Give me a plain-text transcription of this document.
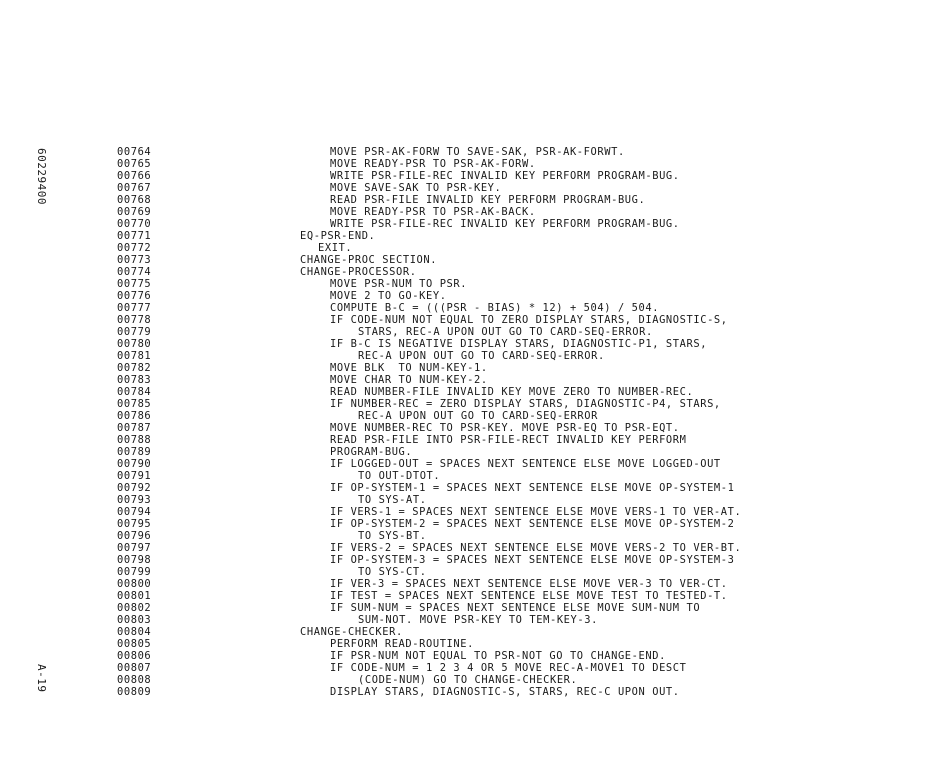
60229400
A-19
00764	MOVE PSR-AK-FORW TO SAVE-SAK, PSR-AK-FORWT.
00765	MOVE READY-PSR TO PSR-AK-FORW.
00766	WRITE PSR-FILE-REC INVALID KEY PERFORM PROGRAM-BUG.
00767	MOVE SAVE-SAK TO PSR-KEY.
00768	READ PSR-FILE INVALID KEY PERFORM PROGRAM-BUG.
00769	MOVE READY-PSR TO PSR-AK-BACK.
00770	WRITE PSR-FILE-REC INVALID KEY PERFORM PROGRAM-BUG.
00771	EQ-PSR-END.
00772	EXIT.
00773	CHANGE-PROC SECTION.
00774	CHANGE-PROCESSOR.
00775	MOVE PSR-NUM TO PSR.
00776	MOVE 2 TO GO-KEY.
00777	COMPUTE B-C = (((PSR - BIAS) * 12) + 504) / 504.
00778	IF CODE-NUM NOT EQUAL TO ZERO DISPLAY STARS, DIAGNOSTIC-S,
00779	STARS, REC-A UPON OUT GO TO CARD-SEQ-ERROR.
00780	IF B-C IS NEGATIVE DISPLAY STARS, DIAGNOSTIC-P1, STARS,
00781	REC-A UPON OUT GO TO CARD-SEQ-ERROR.
00782	MOVE BLK  TO NUM-KEY-1.
00783	MOVE CHAR TO NUM-KEY-2.
00784	READ NUMBER-FILE INVALID KEY MOVE ZERO TO NUMBER-REC.
00785	IF NUMBER-REC = ZERO DISPLAY STARS, DIAGNOSTIC-P4, STARS,
00786	REC-A UPON OUT GO TO CARD-SEQ-ERROR
00787	MOVE NUMBER-REC TO PSR-KEY. MOVE PSR-EQ TO PSR-EQT.
00788	READ PSR-FILE INTO PSR-FILE-RECT INVALID KEY PERFORM
00789	PROGRAM-BUG.
00790	IF LOGGED-OUT = SPACES NEXT SENTENCE ELSE MOVE LOGGED-OUT
00791	TO OUT-DTOT.
00792	IF OP-SYSTEM-1 = SPACES NEXT SENTENCE ELSE MOVE OP-SYSTEM-1
00793	TO SYS-AT.
00794	IF VERS-1 = SPACES NEXT SENTENCE ELSE MOVE VERS-1 TO VER-AT.
00795	IF OP-SYSTEM-2 = SPACES NEXT SENTENCE ELSE MOVE OP-SYSTEM-2
00796	TO SYS-BT.
00797	IF VERS-2 = SPACES NEXT SENTENCE ELSE MOVE VERS-2 TO VER-BT.
00798	IF OP-SYSTEM-3 = SPACES NEXT SENTENCE ELSE MOVE OP-SYSTEM-3
00799	TO SYS-CT.
00800	IF VER-3 = SPACES NEXT SENTENCE ELSE MOVE VER-3 TO VER-CT.
00801	IF TEST = SPACES NEXT SENTENCE ELSE MOVE TEST TO TESTED-T.
00802	IF SUM-NUM = SPACES NEXT SENTENCE ELSE MOVE SUM-NUM TO
00803	SUM-NOT. MOVE PSR-KEY TO TEM-KEY-3.
00804	CHANGE-CHECKER.
00805	PERFORM READ-ROUTINE.
00806	IF PSR-NUM NOT EQUAL TO PSR-NOT GO TO CHANGE-END.
00807	IF CODE-NUM = 1 2 3 4 OR 5 MOVE REC-A-MOVE1 TO DESCT
00808	(CODE-NUM) GO TO CHANGE-CHECKER.
00809	DISPLAY STARS, DIAGNOSTIC-S, STARS, REC-C UPON OUT.
